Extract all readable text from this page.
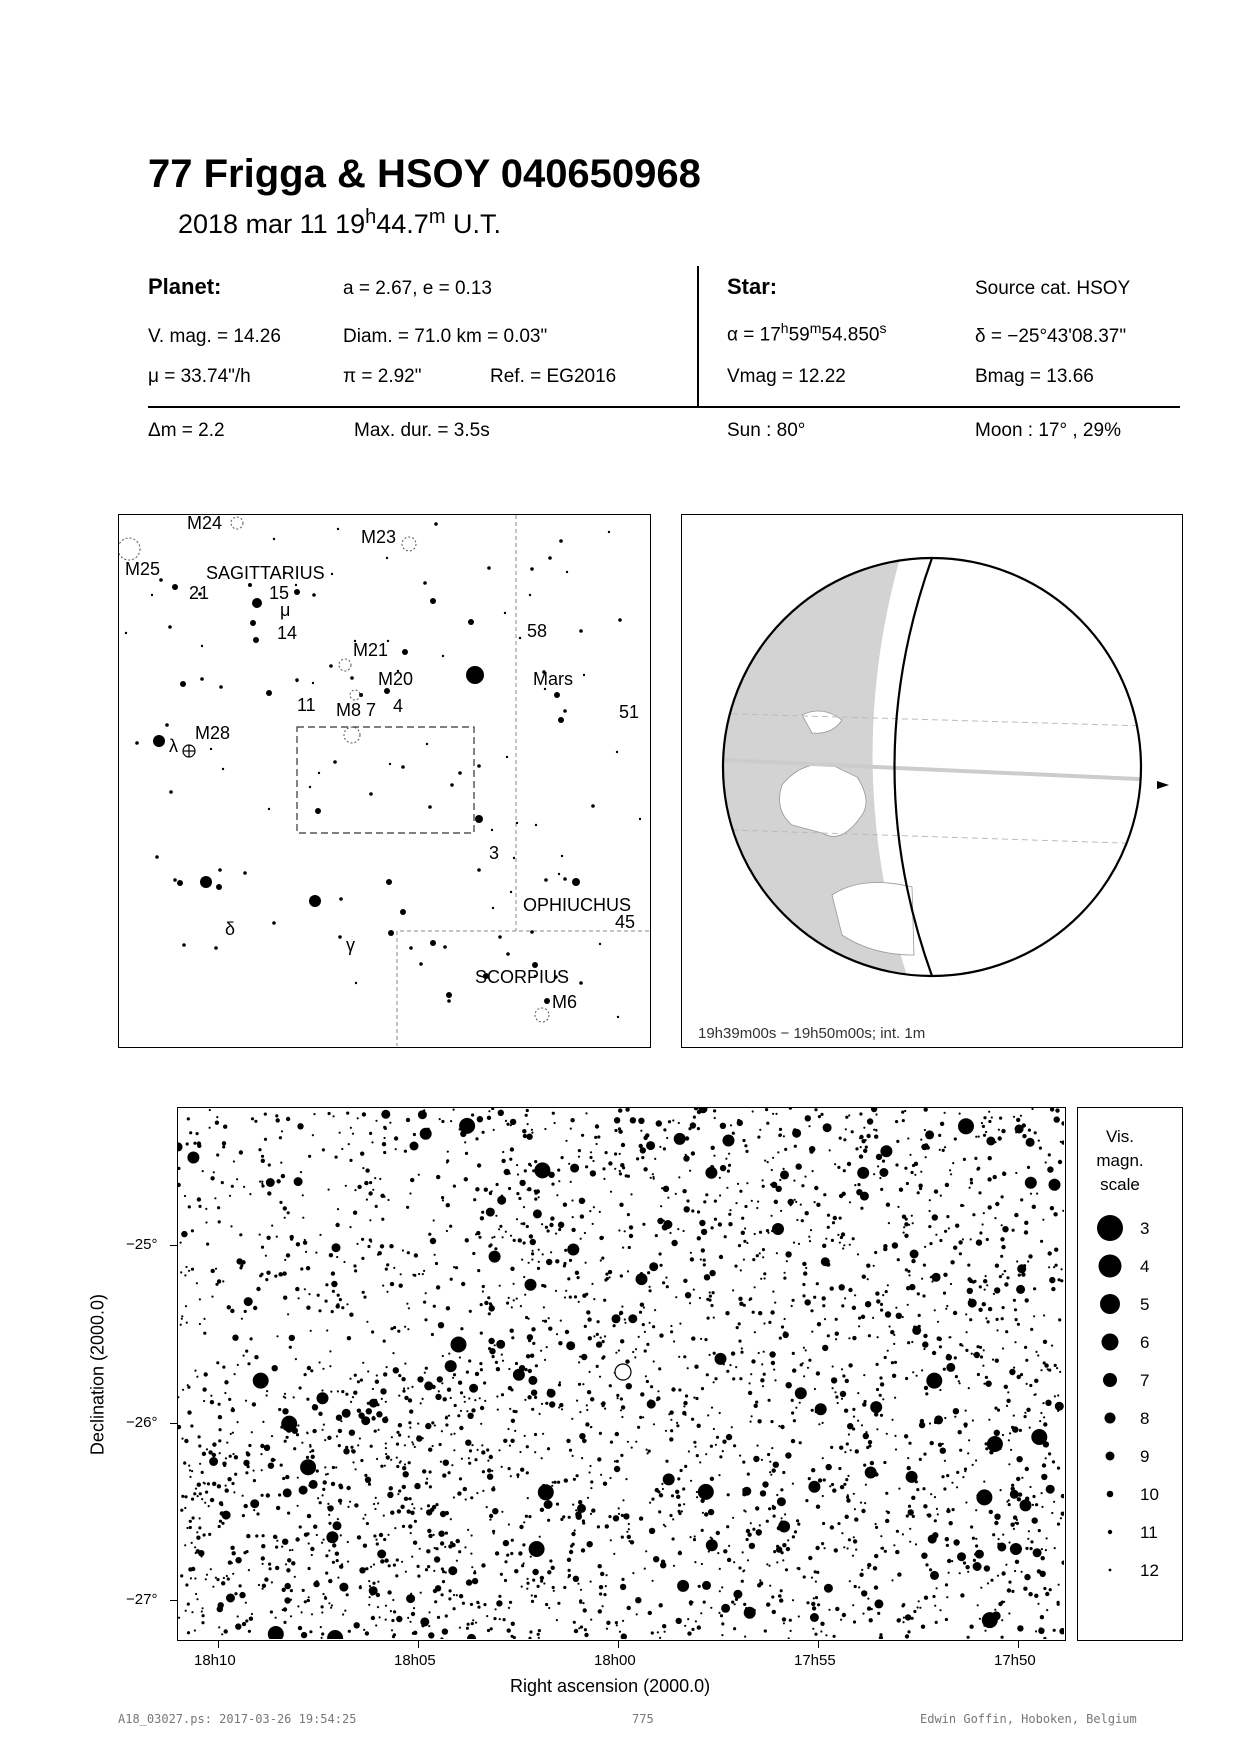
77 Frigga & HSOY 040650968
2018 mar 11 19$^h$44.7$^m$ U.T.
Planet:	a = 2.67, e = 0.13
V. mag. = 14.26	Diam. = 71.0 km = 0.03"
μ = 33.74"/h	π = 2.92"	Ref. = EG2016
Star:	Source cat. HSOY
$\alpha = 17^h59^m54.850^s$	δ = −25°43'08.37"
Vmag = 12.22	Bmag = 13.66
Δm = 2.2	Max. dur. = 3.5s	Sun : 80°	Moon : 17° , 29%
M24
M23
M25	SAGITTARIUS
21	15
μ
14	58
M21
M20	Mars
11 M8 7 4	51
M28
λ
3
OPHIUCHUS
45
δ
γ
SCORPIUS
M6
19h39m00s − 19h50m00s; int. 1m
−25°
−26°
−27°
18h10	18h05	18h00	17h55	17h50
Right ascension (2000.0)
Declination (2000.0)
Vis.
magn.
scale
3
4
5
6
7
8
9
10
11
12
A18_03027.ps: 2017-03-26 19:54:25	775	Edwin Goffin, Hoboken, Belgium
